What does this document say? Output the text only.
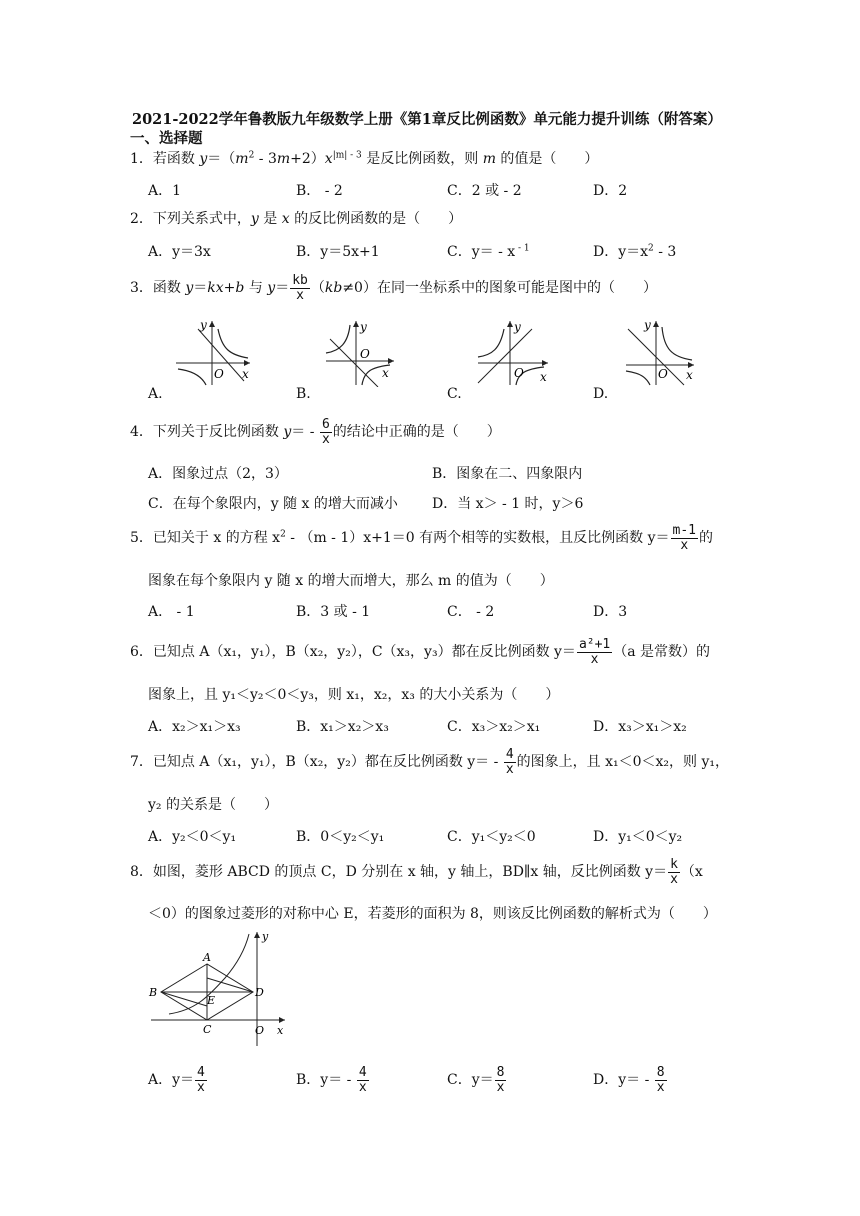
2021-2022学年鲁教版九年级数学上册《第1章反比例函数》单元能力提升训练（附答案）
一、选择题
1．若函数 $y=(m^2 - 3m+2)x^{|m| - 3}$ 是反比例函数，则 m 的值是（　　）
A．1	B． - 2	C．2 或 - 2	D．2
2．下列关系式中，y 是 x 的反比例函数的是（　　）
A．y＝3x	B．y＝5x+1	C．y＝ - x $^{- 1}$	D．$y=x^2 - 3$
3．函数 y＝kx+b 与 $y= \frac{kb}{x} (kb\ne 0)$在同一坐标系中的图象可能是图中的（　　）
y
O x
A.
y
O
x
B.
y
O x
C.
y
O x
D.
4．下列关于反比例函数 $y= - \frac{6}{x}$ 的结论中正确的是（　　）
A．图象过点（2，3）	B．图象在二、四象限内
C．在每个象限内，y 随 x 的增大而减小 D．当 x＞ - 1 时，y＞6
5．已知关于 x 的方程 $x^2 - (m - 1)x+1=0$ 有两个相等的实数根，且反比例函数 $y= \frac{m-1}{x}$ 的
图象在每个象限内 y 随 x 的增大而增大，那么 m 的值为（　　）
A． - 1	B．3 或 - 1	C． - 2	D．3
6．已知点 A（x₁，y₁），B（x₂，y₂），C（x₃，y₃）都在反比例函数 $y= \frac{\text{a²+1}}{x} (a$ 是常数）的
图象上，且 y₁＜y₂＜0＜y₃，则 x₁，x₂，x₃ 的大小关系为（　　）
A．x₂＞x₁＞x₃	B．x₁＞x₂＞x₃	C．x₃＞x₂＞x₁	D．x₃＞x₁＞x₂
7．已知点 A（x₁，y₁），B（x₂，y₂）都在反比例函数 $y= - \frac{4}{x}$ 的图象上，且 x₁＜0＜x₂，则 y₁，
y₂ 的关系是（　　）
A．y₂＜0＜y₁	B．0＜y₂＜y₁	C．y₁＜y₂＜0	D．y₁＜0＜y₂
8．如图，菱形 ABCD 的顶点 C，D 分别在 x 轴，y 轴上，BD∥x 轴，反比例函数 $y= \frac{k}{x} (x$
＜0）的图象过菱形的对称中心 E，若菱形的面积为 8，则该反比例函数的解析式为（　　）
A
B
C
D
E
O x
y
A．$y= \frac{4}{x}$	B．$y= - \frac{4}{x}$	C．$y= \frac{8}{x}$	D．$y= - \frac{8}{x}$
